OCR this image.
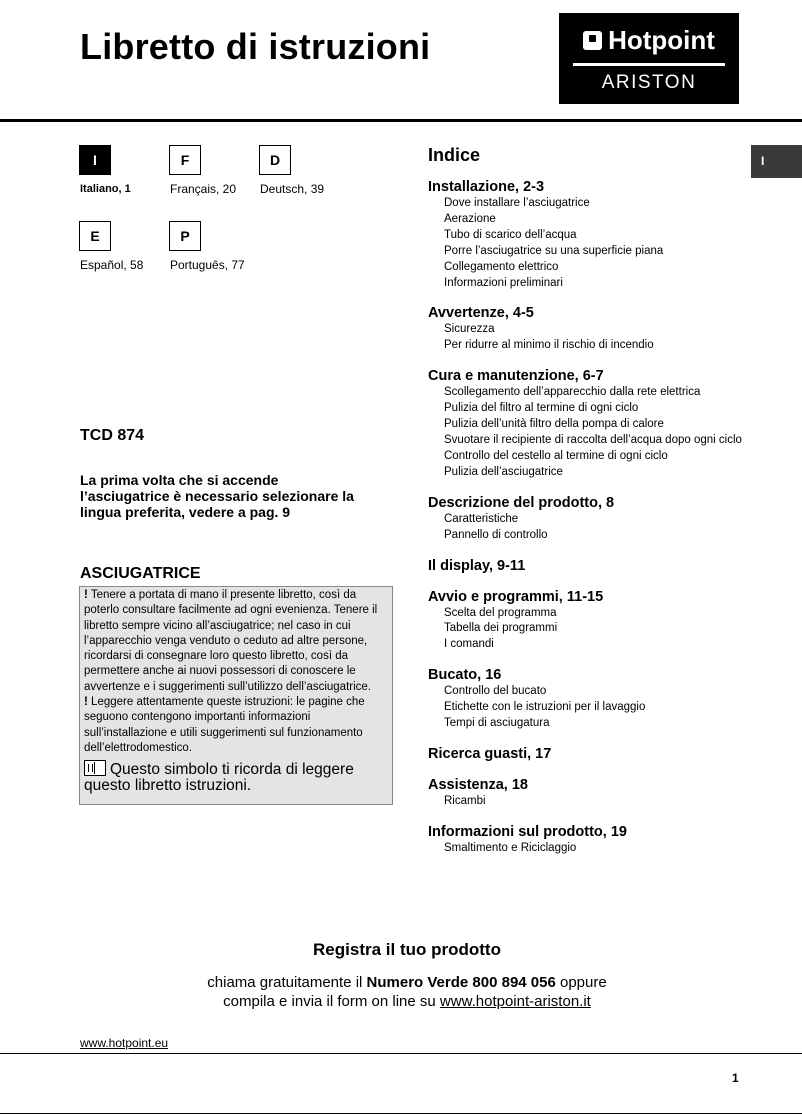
Libretto di istruzioni	Hotpoint
ARISTON
I
I
Italiano, 1
F
Français, 20
D
Deutsch, 39
E
Español, 58
P
Português, 77
TCD 874
La prima volta che si accende l’asciugatrice è necessario selezionare la lingua preferita, vedere a pag. 9
ASCIUGATRICE
! Tenere a portata di mano il presente libretto, così da poterlo consultare facilmente ad ogni evenienza. Tenere il libretto sempre vicino all’asciugatrice; nel caso in cui l’apparecchio venga venduto o ceduto ad altre persone,
ricordarsi di consegnare loro questo libretto, così da permettere anche ai nuovi possessori di conoscere le avvertenze e i suggerimenti sull’utilizzo dell’asciugatrice.
! Leggere attentamente queste istruzioni: le pagine che seguono contengono importanti informazioni sull’installazione e utili suggerimenti sul funzionamento dell’elettrodomestico.
Questo simbolo ti ricorda di leggere questo libretto istruzioni.
Indice
Installazione, 2-3
Dove installare l’asciugatrice
Aerazione
Tubo di scarico dell’acqua
Porre l’asciugatrice su una superficie piana
Collegamento elettrico
Informazioni preliminari
Avvertenze, 4-5
Sicurezza
Per ridurre al minimo il rischio di incendio
Cura e manutenzione, 6-7
Scollegamento dell’apparecchio dalla rete elettrica
Pulizia del filtro al termine di ogni ciclo
Pulizia dell’unità filtro della pompa di calore
Svuotare il recipiente di raccolta dell’acqua dopo ogni ciclo
Controllo del cestello al termine di ogni ciclo
Pulizia dell’asciugatrice
Descrizione del prodotto, 8
Caratteristiche
Pannello di controllo
Il display, 9-11
Avvio e programmi, 11-15
Scelta del programma
Tabella dei programmi
I comandi
Bucato, 16
Controllo del bucato
Etichette con le istruzioni per il lavaggio
Tempi di asciugatura
Ricerca guasti, 17
Assistenza, 18
Ricambi
Informazioni sul prodotto, 19
Smaltimento e Riciclaggio
Registra il tuo prodotto
chiama gratuitamente il Numero Verde 800 894 056 oppure
compila e invia il form on line su www.hotpoint-ariston.it
www.hotpoint.eu
1
